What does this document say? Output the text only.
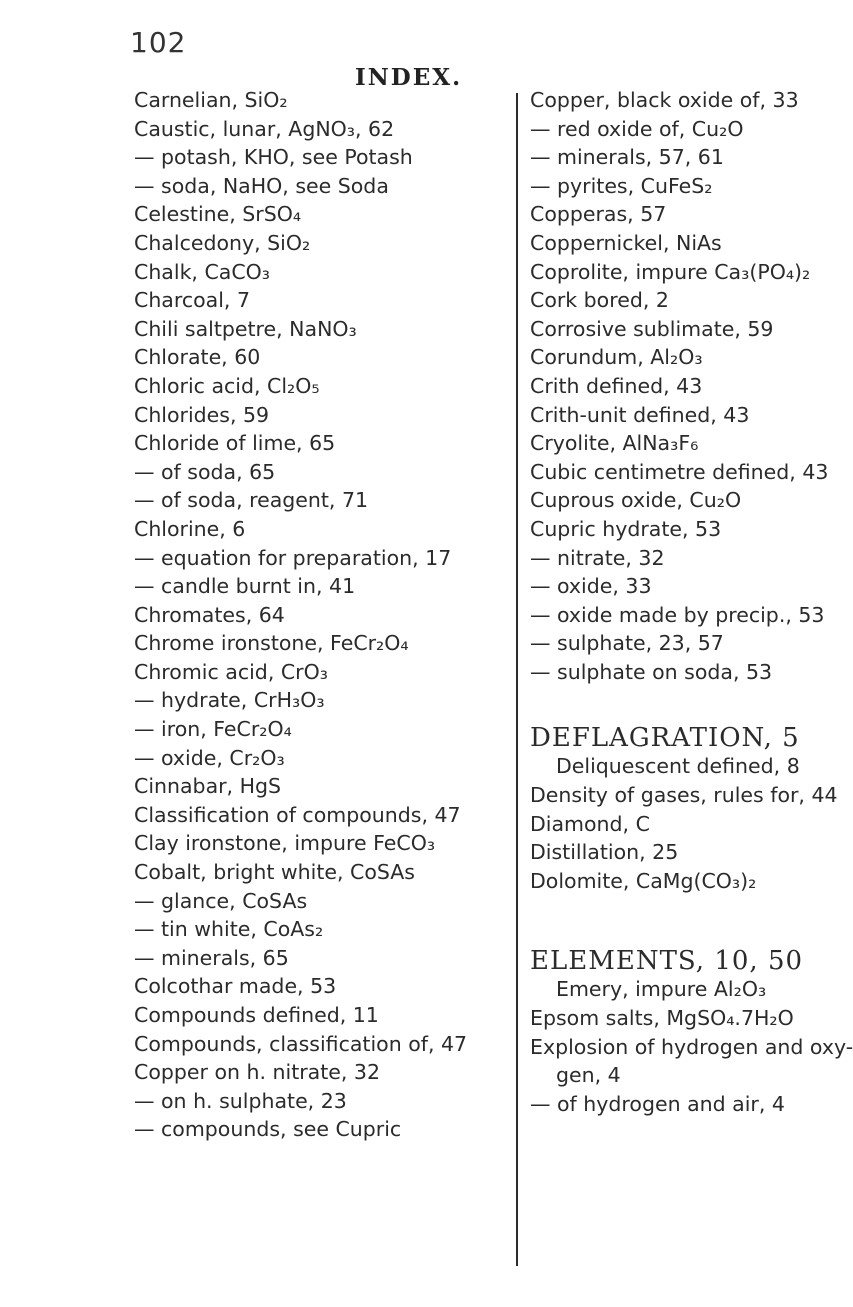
102
INDEX.
Carnelian, SiO₂
Caustic, lunar, AgNO₃, 62
— potash, KHO, see Potash
— soda, NaHO, see Soda
Celestine, SrSO₄
Chalcedony, SiO₂
Chalk, CaCO₃
Charcoal, 7
Chili saltpetre, NaNO₃
Chlorate, 60
Chloric acid, Cl₂O₅
Chlorides, 59
Chloride of lime, 65
— of soda, 65
— of soda, reagent, 71
Chlorine, 6
— equation for preparation, 17
— candle burnt in, 41
Chromates, 64
Chrome ironstone, FeCr₂O₄
Chromic acid, CrO₃
— hydrate, CrH₃O₃
— iron, FeCr₂O₄
— oxide, Cr₂O₃
Cinnabar, HgS
Classification of compounds, 47
Clay ironstone, impure FeCO₃
Cobalt, bright white, CoSAs
— glance, CoSAs
— tin white, CoAs₂
— minerals, 65
Colcothar made, 53
Compounds defined, 11
Compounds, classification of, 47
Copper on h. nitrate, 32
— on h. sulphate, 23
— compounds, see Cupric
Copper, black oxide of, 33
— red oxide of, Cu₂O
— minerals, 57, 61
— pyrites, CuFeS₂
Copperas, 57
Coppernickel, NiAs
Coprolite, impure Ca₃(PO₄)₂
Cork bored, 2
Corrosive sublimate, 59
Corundum, Al₂O₃
Crith defined, 43
Crith-unit defined, 43
Cryolite, AlNa₃F₆
Cubic centimetre defined, 43
Cuprous oxide, Cu₂O
Cupric hydrate, 53
— nitrate, 32
— oxide, 33
— oxide made by precip., 53
— sulphate, 23, 57
— sulphate on soda, 53
DEFLAGRATION, 5
Deliquescent defined, 8
Density of gases, rules for, 44
Diamond, C
Distillation, 25
Dolomite, CaMg(CO₃)₂
ELEMENTS, 10, 50
Emery, impure Al₂O₃
Epsom salts, MgSO₄.7H₂O
Explosion of hydrogen and oxy-
gen, 4
— of hydrogen and air, 4
